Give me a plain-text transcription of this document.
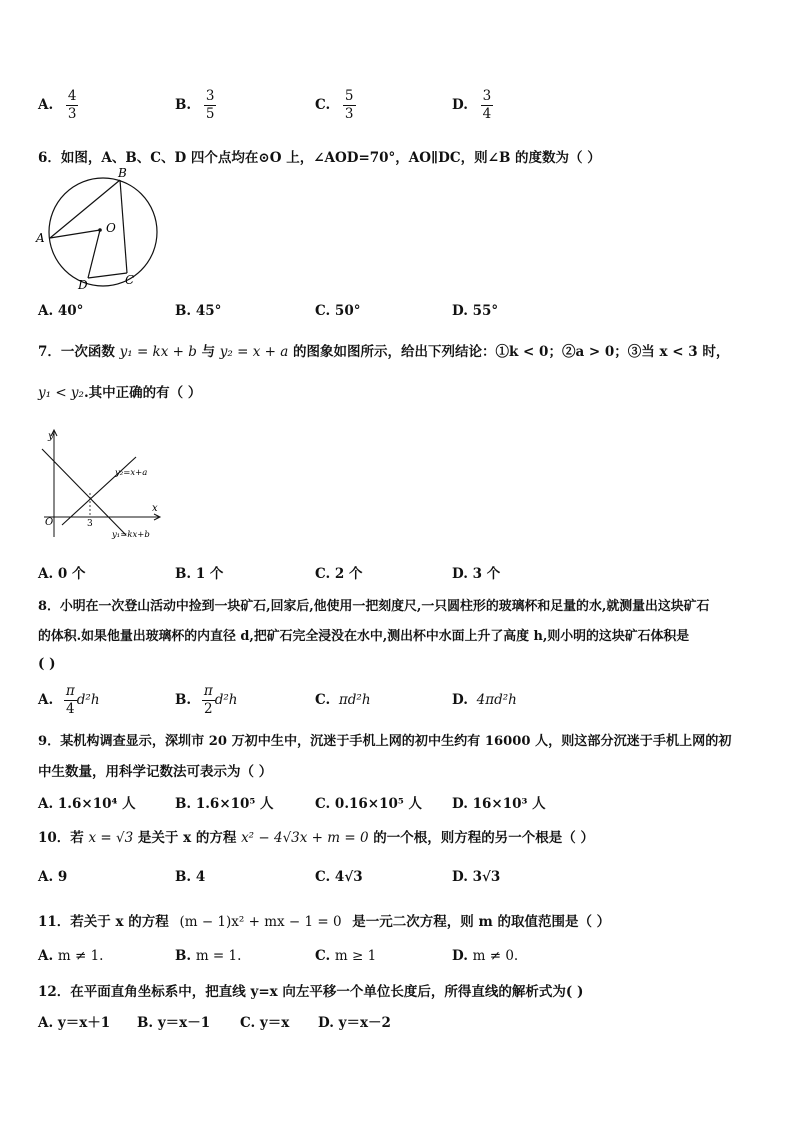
A. $\frac{4}{3}$	B. $\frac{3}{5}$	C. $\frac{5}{3}$	D. $\frac{3}{4}$
6．如图，A、B、C、D 四个点均在⊙O 上，∠AOD=70°，AO∥DC，则∠B 的度数为（ ）
B
A
O
D	C
A. 40°	B. 45°	C. 50°	D. 55°
7．一次函数 y₁ = kx + b 与 y₂ = x + a 的图象如图所示，给出下列结论：①k < 0；②a > 0；③当 x < 3 时，
y₁ < y₂.其中正确的有（ ）
y
x
O	3
y₂=x+a
y₁=kx+b
A. 0 个	B. 1 个	C. 2 个	D. 3 个
8．小明在一次登山活动中捡到一块矿石,回家后,他使用一把刻度尺,一只圆柱形的玻璃杯和足量的水,就测量出这块矿石
的体积.如果他量出玻璃杯的内直径 d,把矿石完全浸没在水中,测出杯中水面上升了高度 h,则小明的这块矿石体积是
( )
A. $\frac{\pi}{4} d^2h$	B. $\frac{\pi}{2} d^2h$	C. πd²h	D. 4πd²h
9．某机构调查显示，深圳市 20 万初中生中，沉迷于手机上网的初中生约有 16000 人，则这部分沉迷于手机上网的初
中生数量，用科学记数法可表示为（ ）
A. 1.6×10⁴ 人	B. 1.6×10⁵ 人	C. 0.16×10⁵ 人 D. 16×10³ 人
10．若 x = √3 是关于 x 的方程 x² − 4√3x + m = 0 的一个根，则方程的另一个根是（ ）
A. 9	B. 4	C. 4√3	D. 3√3
11．若关于 x 的方程 (m − 1)x² + mx − 1 = 0 是一元二次方程，则 m 的取值范围是（ ）
A. m ≠ 1.	B. m = 1.	C. m ≥ 1	D. m ≠ 0.
12．在平面直角坐标系中，把直线 y=x 向左平移一个单位长度后，所得直线的解析式为( )
A. y＝x＋1 B. y＝x－1 C. y＝x D. y＝x－2
